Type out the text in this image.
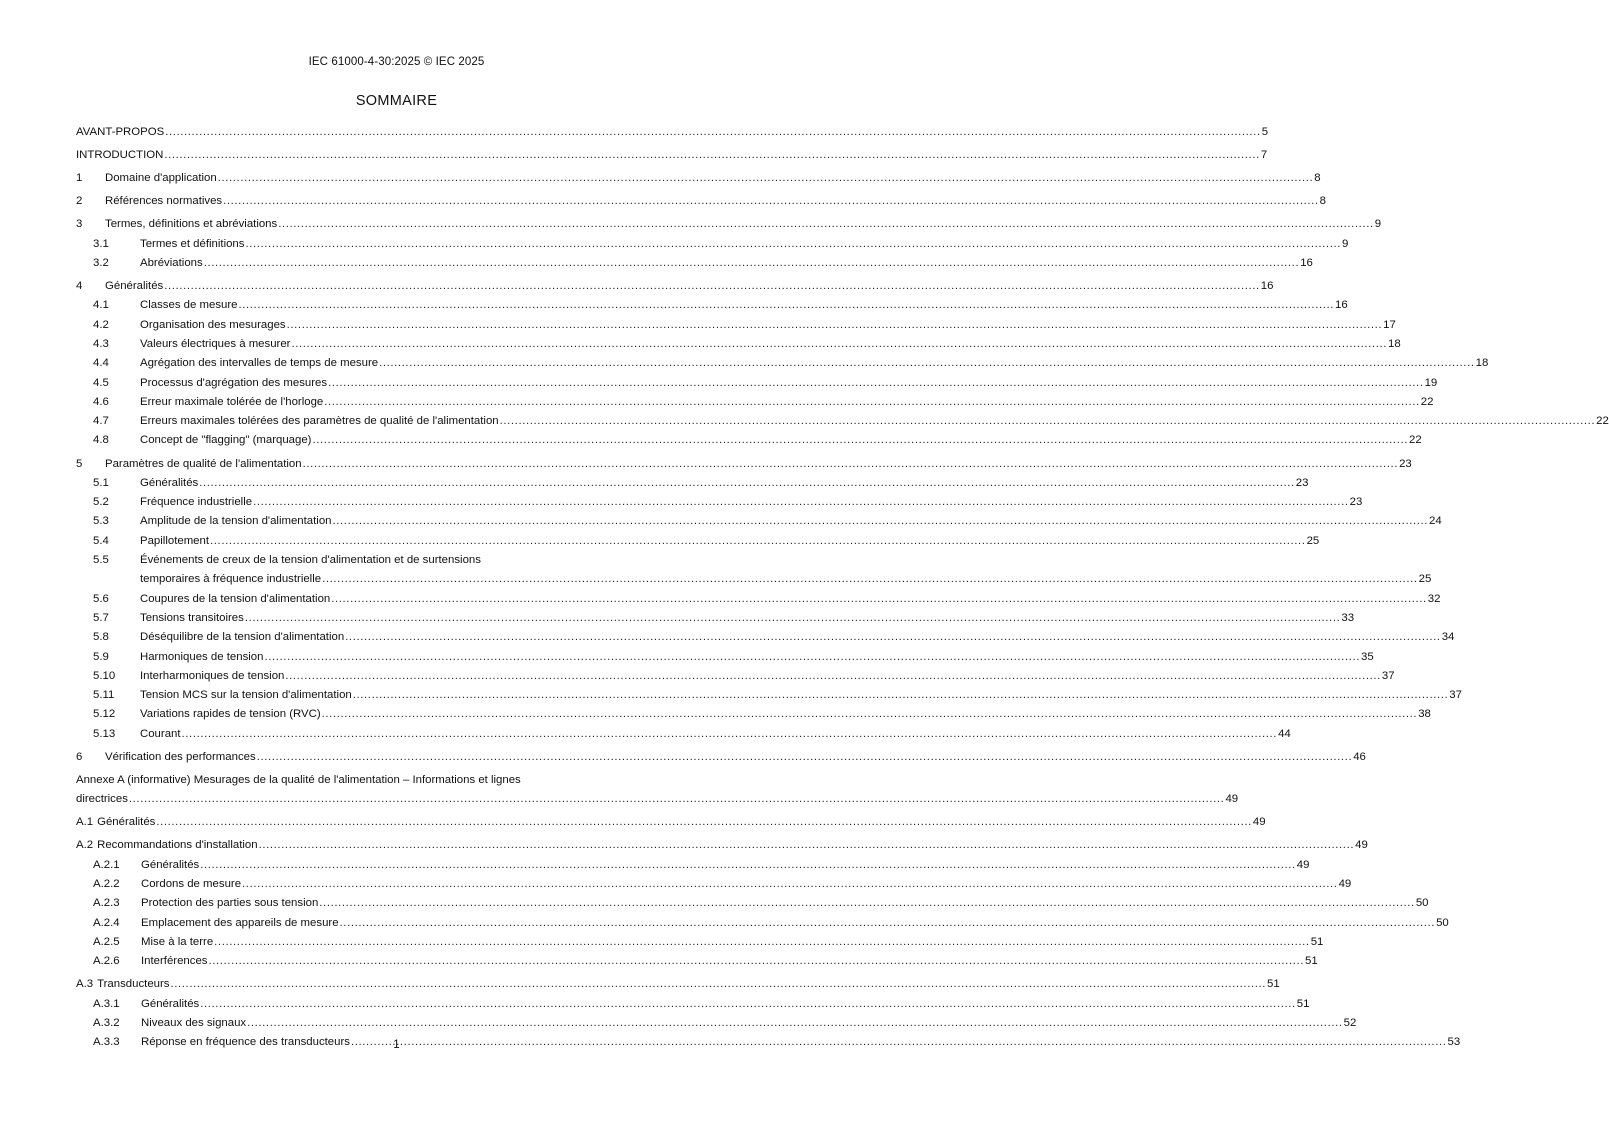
IEC 61000-4-30:2025 © IEC 2025
SOMMAIRE
AVANT-PROPOS .....	5
INTRODUCTION .....	7
1	Domaine d'application .....	8
2	Références normatives .....	8
3	Termes, définitions et abréviations .....	9
3.1	Termes et définitions .....	9
3.2	Abréviations .....	16
4	Généralités .....	16
4.1	Classes de mesure .....	16
4.2	Organisation des mesurages .....	17
4.3	Valeurs électriques à mesurer .....	18
4.4	Agrégation des intervalles de temps de mesure .....	18
4.5	Processus d'agrégation des mesures .....	19
4.6	Erreur maximale tolérée de l'horloge .....	22
4.7	Erreurs maximales tolérées des paramètres de qualité de l'alimentation .....	22
4.8	Concept de "flagging" (marquage) .....	22
5	Paramètres de qualité de l'alimentation .....	23
5.1	Généralités .....	23
5.2	Fréquence industrielle .....	23
5.3	Amplitude de la tension d'alimentation .....	24
5.4	Papillotement .....	25
5.5	Événements de creux de la tension d'alimentation et de surtensions
temporaires à fréquence industrielle .....	25
5.6	Coupures de la tension d'alimentation .....	32
5.7	Tensions transitoires .....	33
5.8	Déséquilibre de la tension d'alimentation .....	34
5.9	Harmoniques de tension .....	35
5.10	Interharmoniques de tension .....	37
5.11	Tension MCS sur la tension d'alimentation .....	37
5.12	Variations rapides de tension (RVC) .....	38
5.13	Courant .....	44
6	Vérification des performances .....	46
Annexe A (informative) Mesurages de la qualité de l'alimentation – Informations et lignes
directrices .....	49
A.1 Généralités .....	49
A.2 Recommandations d'installation .....	49
A.2.1	Généralités .....	49
A.2.2	Cordons de mesure .....	49
A.2.3	Protection des parties sous tension .....	50
A.2.4	Emplacement des appareils de mesure .....	50
A.2.5	Mise à la terre .....	51
A.2.6	Interférences .....	51
A.3 Transducteurs .....	51
A.3.1	Généralités .....	51
A.3.2	Niveaux des signaux .....	52
A.3.3	Réponse en fréquence des transducteurs .....	53
1
